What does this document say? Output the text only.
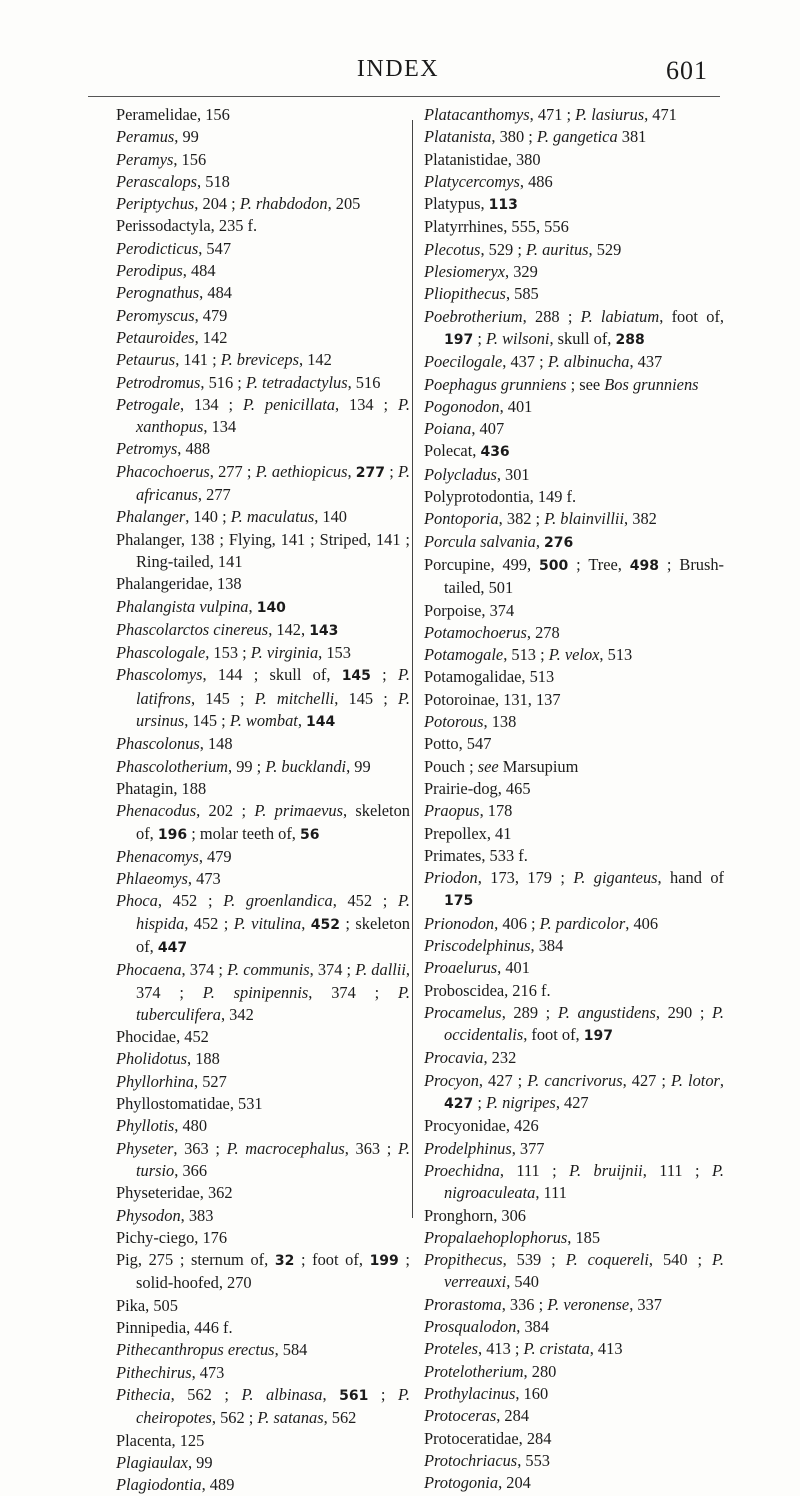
INDEX	601
Peramelidae, 156
Peramus, 99
Peramys, 156
Perascalops, 518
Periptychus, 204 ; P. rhabdodon, 205
Perissodactyla, 235 f.
Perodicticus, 547
Perodipus, 484
Perognathus, 484
Peromyscus, 479
Petauroides, 142
Petaurus, 141 ; P. breviceps, 142
Petrodromus, 516 ; P. tetradactylus, 516
Petrogale, 134 ; P. penicillata, 134 ; P. xanthopus, 134
Petromys, 488
Phacochoerus, 277 ; P. aethiopicus, 277 ; P. africanus, 277
Phalanger, 140 ; P. maculatus, 140
Phalanger, 138 ; Flying, 141 ; Striped, 141 ; Ring-tailed, 141
Phalangeridae, 138
Phalangista vulpina, 140
Phascolarctos cinereus, 142, 143
Phascologale, 153 ; P. virginia, 153
Phascolomys, 144 ; skull of, 145 ; P. latifrons, 145 ; P. mitchelli, 145 ; P. ursinus, 145 ; P. wombat, 144
Phascolonus, 148
Phascolotherium, 99 ; P. bucklandi, 99
Phatagin, 188
Phenacodus, 202 ; P. primaevus, skeleton of, 196 ; molar teeth of, 56
Phenacomys, 479
Phlaeomys, 473
Phoca, 452 ; P. groenlandica, 452 ; P. hispida, 452 ; P. vitulina, 452 ; skeleton of, 447
Phocaena, 374 ; P. communis, 374 ; P. dallii, 374 ; P. spinipennis, 374 ; P. tuberculifera, 342
Phocidae, 452
Pholidotus, 188
Phyllorhina, 527
Phyllostomatidae, 531
Phyllotis, 480
Physeter, 363 ; P. macrocephalus, 363 ; P. tursio, 366
Physeteridae, 362
Physodon, 383
Pichy-ciego, 176
Pig, 275 ; sternum of, 32 ; foot of, 199 ; solid-hoofed, 270
Pika, 505
Pinnipedia, 446 f.
Pithecanthropus erectus, 584
Pithechirus, 473
Pithecia, 562 ; P. albinasa, 561 ; P. cheiropotes, 562 ; P. satanas, 562
Placenta, 125
Plagiaulax, 99
Plagiodontia, 489
Platacanthomys, 471 ; P. lasiurus, 471
Platanista, 380 ; P. gangetica 381
Platanistidae, 380
Platycercomys, 486
Platypus, 113
Platyrrhines, 555, 556
Plecotus, 529 ; P. auritus, 529
Plesiomeryx, 329
Pliopithecus, 585
Poebrotherium, 288 ; P. labiatum, foot of, 197 ; P. wilsoni, skull of, 288
Poecilogale, 437 ; P. albinucha, 437
Poephagus grunniens ; see Bos grunniens
Pogonodon, 401
Poiana, 407
Polecat, 436
Polycladus, 301
Polyprotodontia, 149 f.
Pontoporia, 382 ; P. blainvillii, 382
Porcula salvania, 276
Porcupine, 499, 500 ; Tree, 498 ; Brush-tailed, 501
Porpoise, 374
Potamochoerus, 278
Potamogale, 513 ; P. velox, 513
Potamogalidae, 513
Potoroinae, 131, 137
Potorous, 138
Potto, 547
Pouch ; see Marsupium
Prairie-dog, 465
Praopus, 178
Prepollex, 41
Primates, 533 f.
Priodon, 173, 179 ; P. giganteus, hand of 175
Prionodon, 406 ; P. pardicolor, 406
Priscodelphinus, 384
Proaelurus, 401
Proboscidea, 216 f.
Procamelus, 289 ; P. angustidens, 290 ; P. occidentalis, foot of, 197
Procavia, 232
Procyon, 427 ; P. cancrivorus, 427 ; P. lotor, 427 ; P. nigripes, 427
Procyonidae, 426
Prodelphinus, 377
Proechidna, 111 ; P. bruijnii, 111 ; P. nigroaculeata, 111
Pronghorn, 306
Propalaehoplophorus, 185
Propithecus, 539 ; P. coquereli, 540 ; P. verreauxi, 540
Prorastoma, 336 ; P. veronense, 337
Prosqualodon, 384
Proteles, 413 ; P. cristata, 413
Protelotherium, 280
Prothylacinus, 160
Protoceras, 284
Protoceratidae, 284
Protochriacus, 553
Protogonia, 204
